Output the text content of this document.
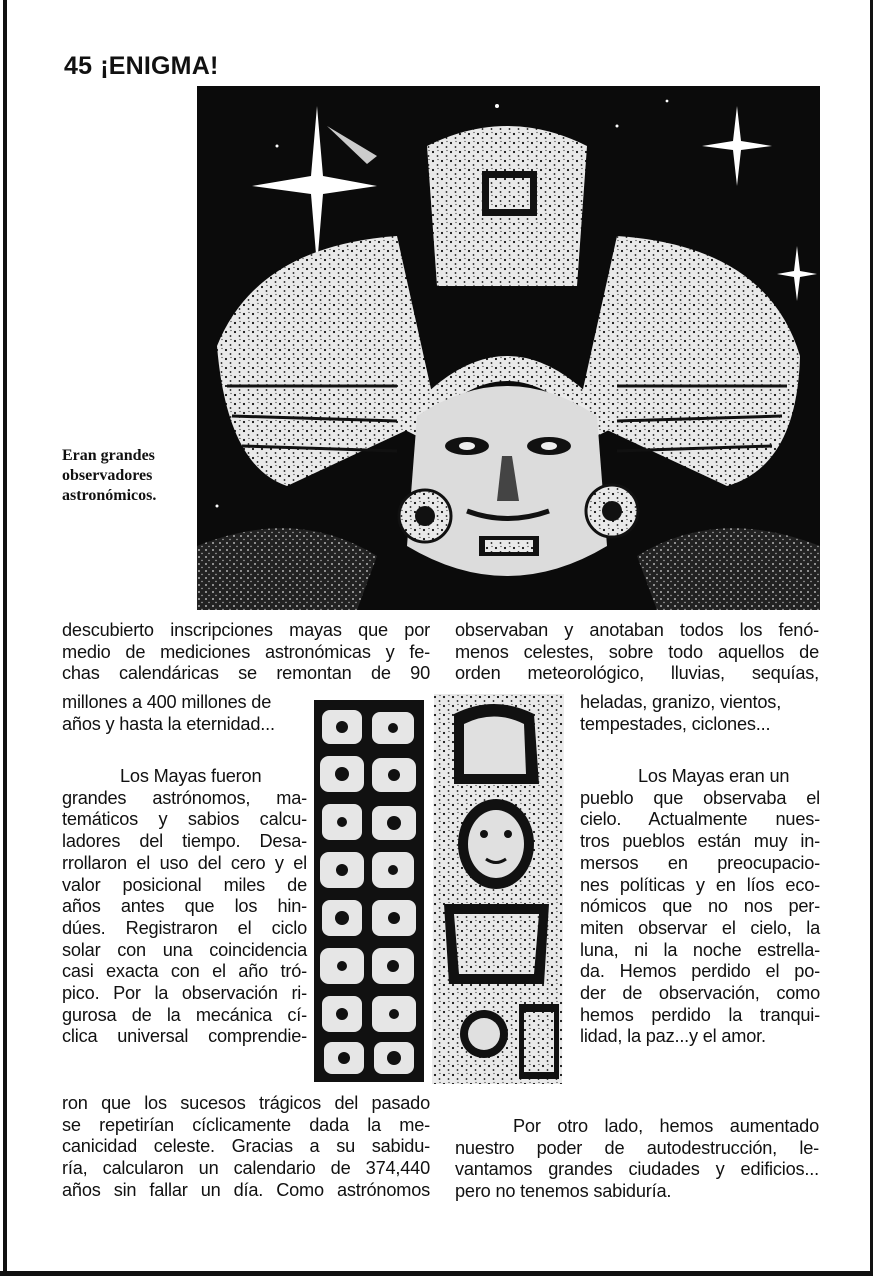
45 ¡ENIGMA!
Eran grandes
observadores
astronómicos.
descubierto inscripciones mayas que por
medio de mediciones astronómicas y fe-
chas calendáricas se remontan de 90
millones a 400 millones de
años y hasta la eternidad...
Los Mayas fueron
grandes astrónomos, ma-
temáticos y sabios calcu-
ladores del tiempo. Desa-
rrollaron el uso del cero y el
valor posicional miles de
años antes que los hin-
dúes. Registraron el ciclo
solar con una coincidencia
casi exacta con el año tró-
pico. Por la observación ri-
gurosa de la mecánica cí-
clica universal comprendie-
ron que los sucesos trágicos del pasado
se repetirían cíclicamente dada la me-
canicidad celeste. Gracias a su sabidu-
ría, calcularon un calendario de 374,440
años sin fallar un día. Como astrónomos
observaban y anotaban todos los fenó-
menos celestes, sobre todo aquellos de
orden meteorológico, lluvias, sequías,
heladas, granizo, vientos,
tempestades, ciclones...
Los Mayas eran un
pueblo que observaba el
cielo. Actualmente nues-
tros pueblos están muy in-
mersos en preocupacio-
nes políticas y en líos eco-
nómicos que no nos per-
miten observar el cielo, la
luna, ni la noche estrella-
da. Hemos perdido el po-
der de observación, como
hemos perdido la tranqui-
lidad, la paz...y el amor.
Por otro lado, hemos aumentado
nuestro poder de autodestrucción, le-
vantamos grandes ciudades y edificios...
pero no tenemos sabiduría.
